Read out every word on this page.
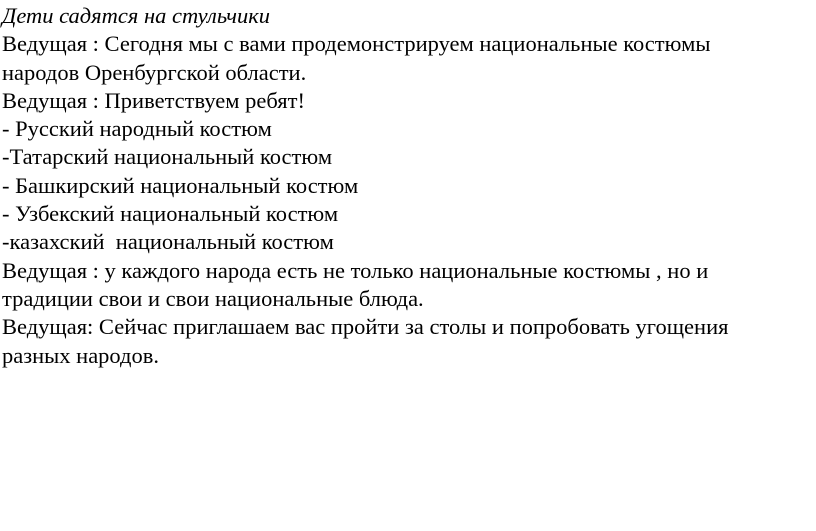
Дети садятся на стульчики
Ведущая : Сегодня мы с вами продемонстрируем национальные костюмы
народов Оренбургской области.
Ведущая : Приветствуем ребят!
- Русский народный костюм
-Татарский национальный костюм
- Башкирский национальный костюм
- Узбекский национальный костюм
-казахский  национальный костюм
Ведущая : у каждого народа есть не только национальные костюмы , но и
традиции свои и свои национальные блюда.
Ведущая: Сейчас приглашаем вас пройти за столы и попробовать угощения
разных народов.
